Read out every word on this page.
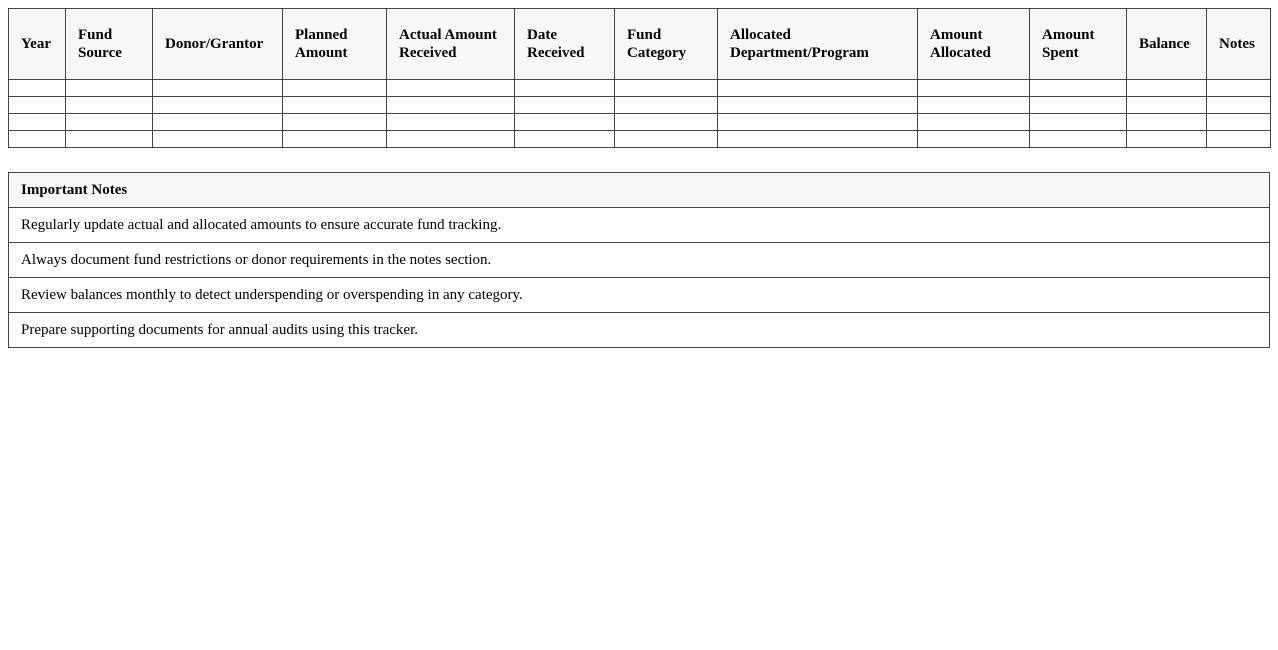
Year	Fund Source	Donor/Grantor	Planned Amount	Actual Amount Received	Date Received	Fund Category	Allocated Department/Program	Amount Allocated	Amount Spent	Balance	Notes

Important Notes
Regularly update actual and allocated amounts to ensure accurate fund tracking.
Always document fund restrictions or donor requirements in the notes section.
Review balances monthly to detect underspending or overspending in any category.
Prepare supporting documents for annual audits using this tracker.
